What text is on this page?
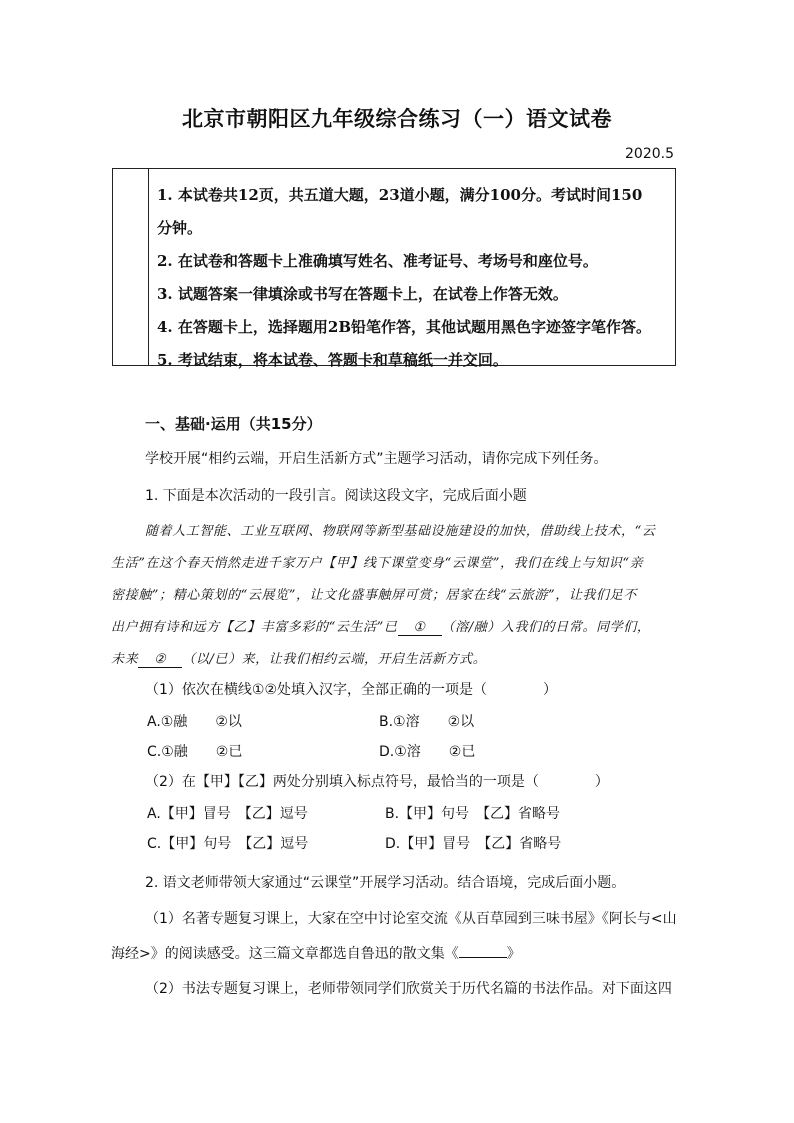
北京市朝阳区九年级综合练习（一）语文试卷
2020.5
1. 本试卷共12页，共五道大题，23道小题，满分100分。考试时间150
分钟。
2. 在试卷和答题卡上准确填写姓名、准考证号、考场号和座位号。
3. 试题答案一律填涂或书写在答题卡上，在试卷上作答无效。
4. 在答题卡上，选择题用2B铅笔作答，其他试题用黑色字迹签字笔作答。
5. 考试结束，将本试卷、答题卡和草稿纸一并交回。
一、基础·运用（共15分）
学校开展“相约云端，开启生活新方式”主题学习活动，请你完成下列任务。
1. 下面是本次活动的一段引言。阅读这段文字，完成后面小题
随着人工智能、工业互联网、物联网等新型基础设施建设的加快，借助线上技术，“云
生活”在这个春天悄然走进千家万户【甲】线下课堂变身“云课堂”，我们在线上与知识“亲
密接触”；精心策划的“云展览”，让文化盛事触屏可赏；居家在线“云旅游”，让我们足不
出户拥有诗和远方【乙】丰富多彩的“云生活”已 ① （溶/融）入我们的日常。同学们，
未来 ② （以/已）来，让我们相约云端，开启生活新方式。
（1）依次在横线①②处填入汉字，全部正确的一项是（　　　　）
A.①融　　②以	B.①溶　　②以
C.①融　　②已	D.①溶　　②已
（2）在【甲】【乙】两处分别填入标点符号，最恰当的一项是（　　　　）
A.【甲】冒号　【乙】逗号	B.【甲】句号　【乙】省略号
C.【甲】句号　【乙】逗号	D.【甲】冒号　【乙】省略号
2. 语文老师带领大家通过“云课堂”开展学习活动。结合语境，完成后面小题。
（1）名著专题复习课上，大家在空中讨论室交流《从百草园到三味书屋》《阿长与<山
海经>》的阅读感受。这三篇文章都选自鲁迅的散文集《	》
（2）书法专题复习课上，老师带领同学们欣赏关于历代名篇的书法作品。对下面这四
